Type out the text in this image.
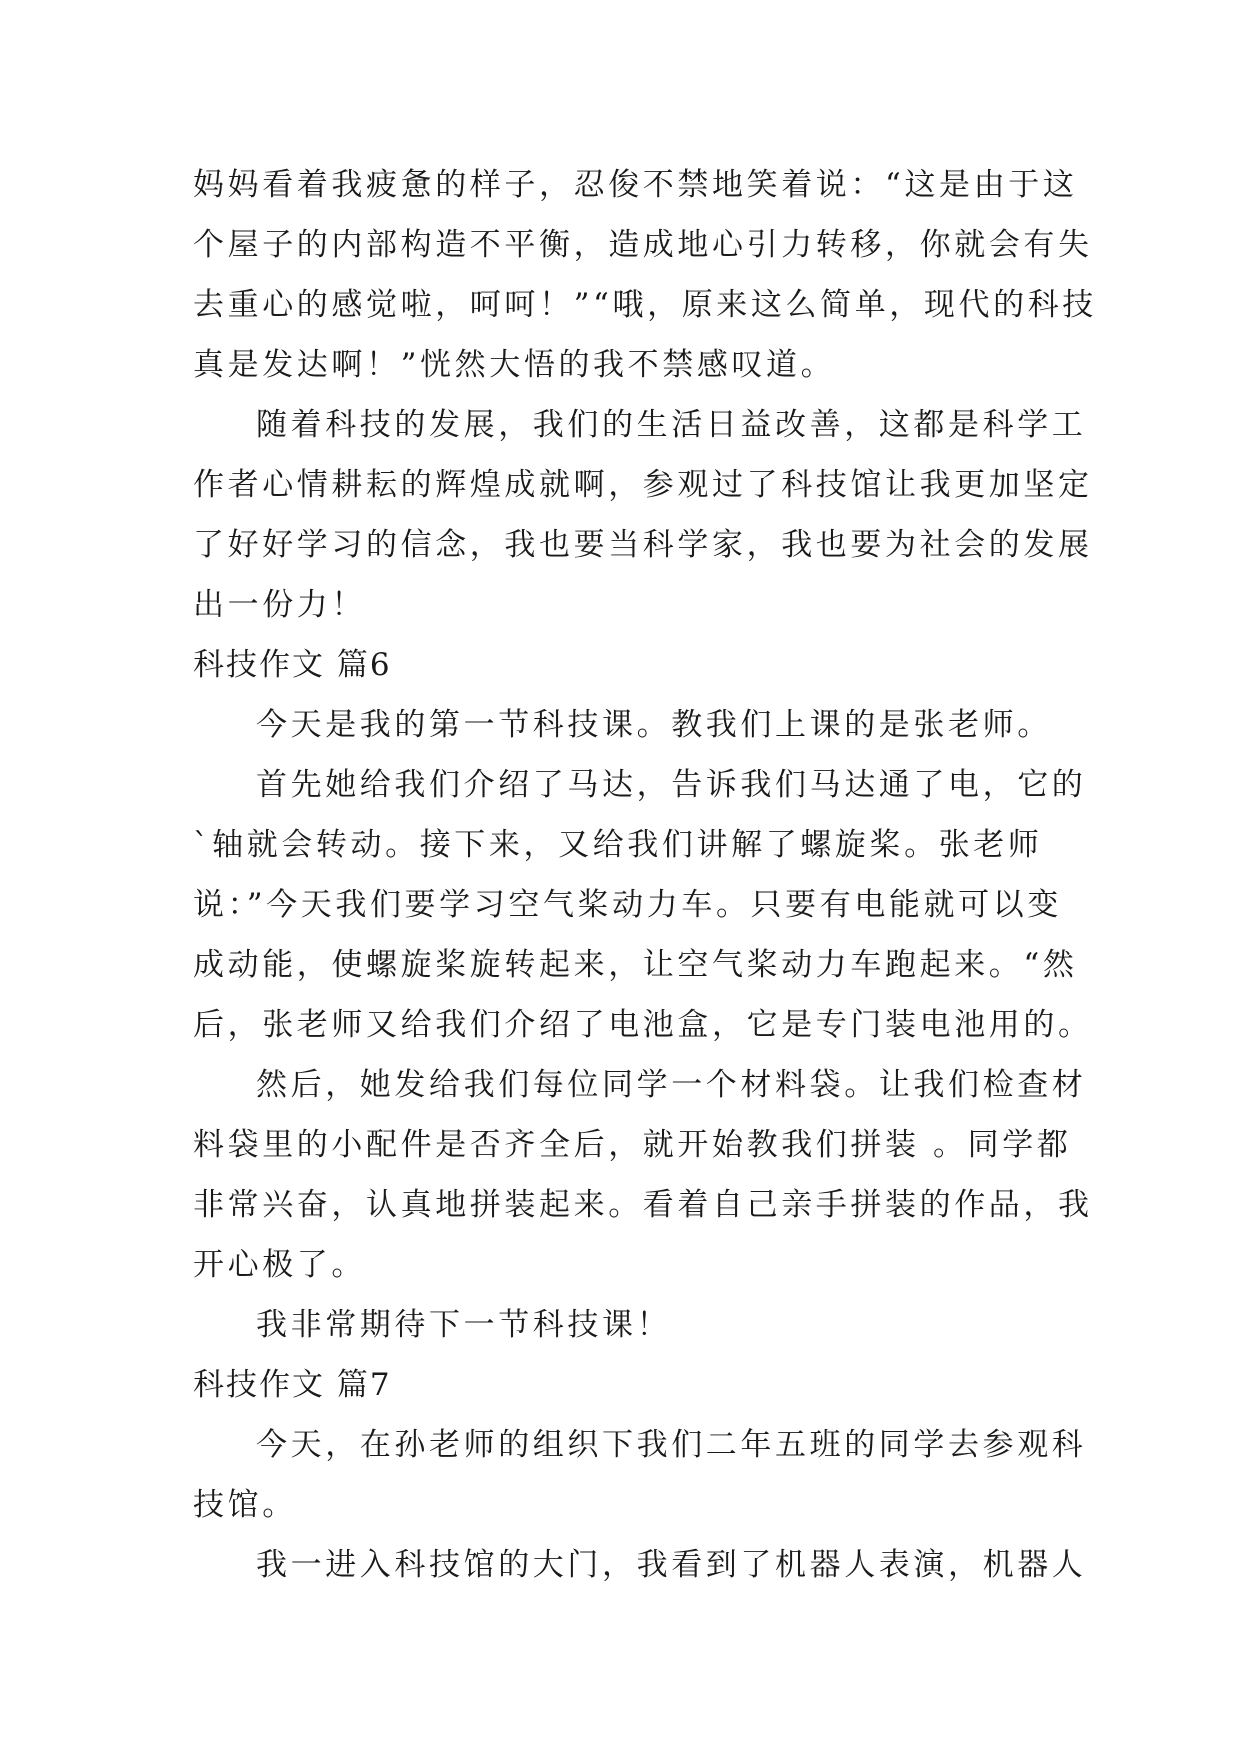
妈妈看着我疲惫的样子，忍俊不禁地笑着说：“这是由于这
个屋子的内部构造不平衡，造成地心引力转移，你就会有失
去重心的感觉啦，呵呵！”“哦，原来这么简单，现代的科技
真是发达啊！”恍然大悟的我不禁感叹道。
随着科技的发展，我们的生活日益改善，这都是科学工
作者心情耕耘的辉煌成就啊，参观过了科技馆让我更加坚定
了好好学习的信念，我也要当科学家，我也要为社会的发展
出一份力！
科技作文 篇6
今天是我的第一节科技课。教我们上课的是张老师。
首先她给我们介绍了马达，告诉我们马达通了电，它的
`轴就会转动。接下来，又给我们讲解了螺旋桨。张老师
说：”今天我们要学习空气桨动力车。只要有电能就可以变
成动能，使螺旋桨旋转起来，让空气桨动力车跑起来。“然
后，张老师又给我们介绍了电池盒，它是专门装电池用的。
然后，她发给我们每位同学一个材料袋。让我们检查材
料袋里的小配件是否齐全后，就开始教我们拼装 。同学都
非常兴奋，认真地拼装起来。看着自己亲手拼装的作品，我
开心极了。
我非常期待下一节科技课！
科技作文 篇7
今天，在孙老师的组织下我们二年五班的同学去参观科
技馆。
我一进入科技馆的大门，我看到了机器人表演，机器人
